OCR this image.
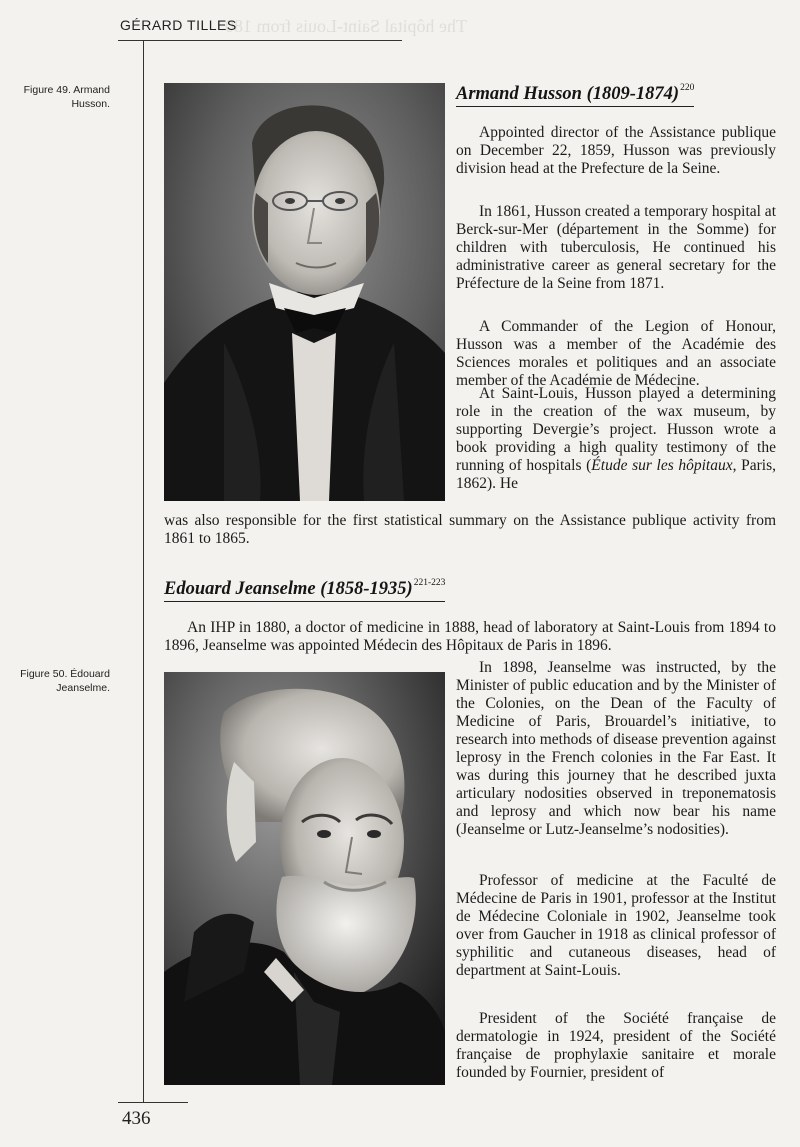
The hôpital Saint-Louis from 180
GÉRARD TILLES
Figure 49. Armand Husson.	Armand Husson (1809-1874)$^{220}$

Appointed director of the Assistance publique on December 22, 1859, Husson was previously division head at the Prefecture de la Seine.

In 1861, Husson created a temporary hospital at Berck-sur-Mer (département in the Somme) for children with tuberculosis, He continued his administrative career as general secretary for the Préfecture de la Seine from 1871.

A Commander of the Legion of Honour, Husson was a member of the Académie des Sciences morales et politiques and an associate member of the Académie de Médecine.

At Saint-Louis, Husson played a determining role in the creation of the wax museum, by supporting Devergie’s project. Husson wrote a book providing a high quality testimony of the running of hospitals (Étude sur les hôpitaux, Paris, 1862). He

was also responsible for the first statistical summary on the Assistance publique activity from 1861 to 1865.

Edouard Jeanselme (1858-1935)$^{221-223}$

An IHP in 1880, a doctor of medicine in 1888, head of laboratory at Saint-Louis from 1894 to 1896, Jeanselme was appointed Médecin des Hôpitaux de Paris in 1896.

Figure 50. Édouard Jeanselme.

In 1898, Jeanselme was instructed, by the Minister of public education and by the Minister of the Colonies, on the Dean of the Faculty of Medicine of Paris, Brouardel’s initiative, to research into methods of disease prevention against leprosy in the French colonies in the Far East. It was during this journey that he described juxta articulary nodosities observed in treponematosis and leprosy and which now bear his name (Jeanselme or Lutz-Jeanselme’s nodosities).

Professor of medicine at the Faculté de Médecine de Paris in 1901, professor at the Institut de Médecine Coloniale in 1902, Jeanselme took over from Gaucher in 1918 as clinical professor of syphilitic and cutaneous diseases, head of department at Saint-Louis.

President of the Société française de dermatologie in 1924, president of the Société française de prophylaxie sanitaire et morale founded by Fournier, president of

436
